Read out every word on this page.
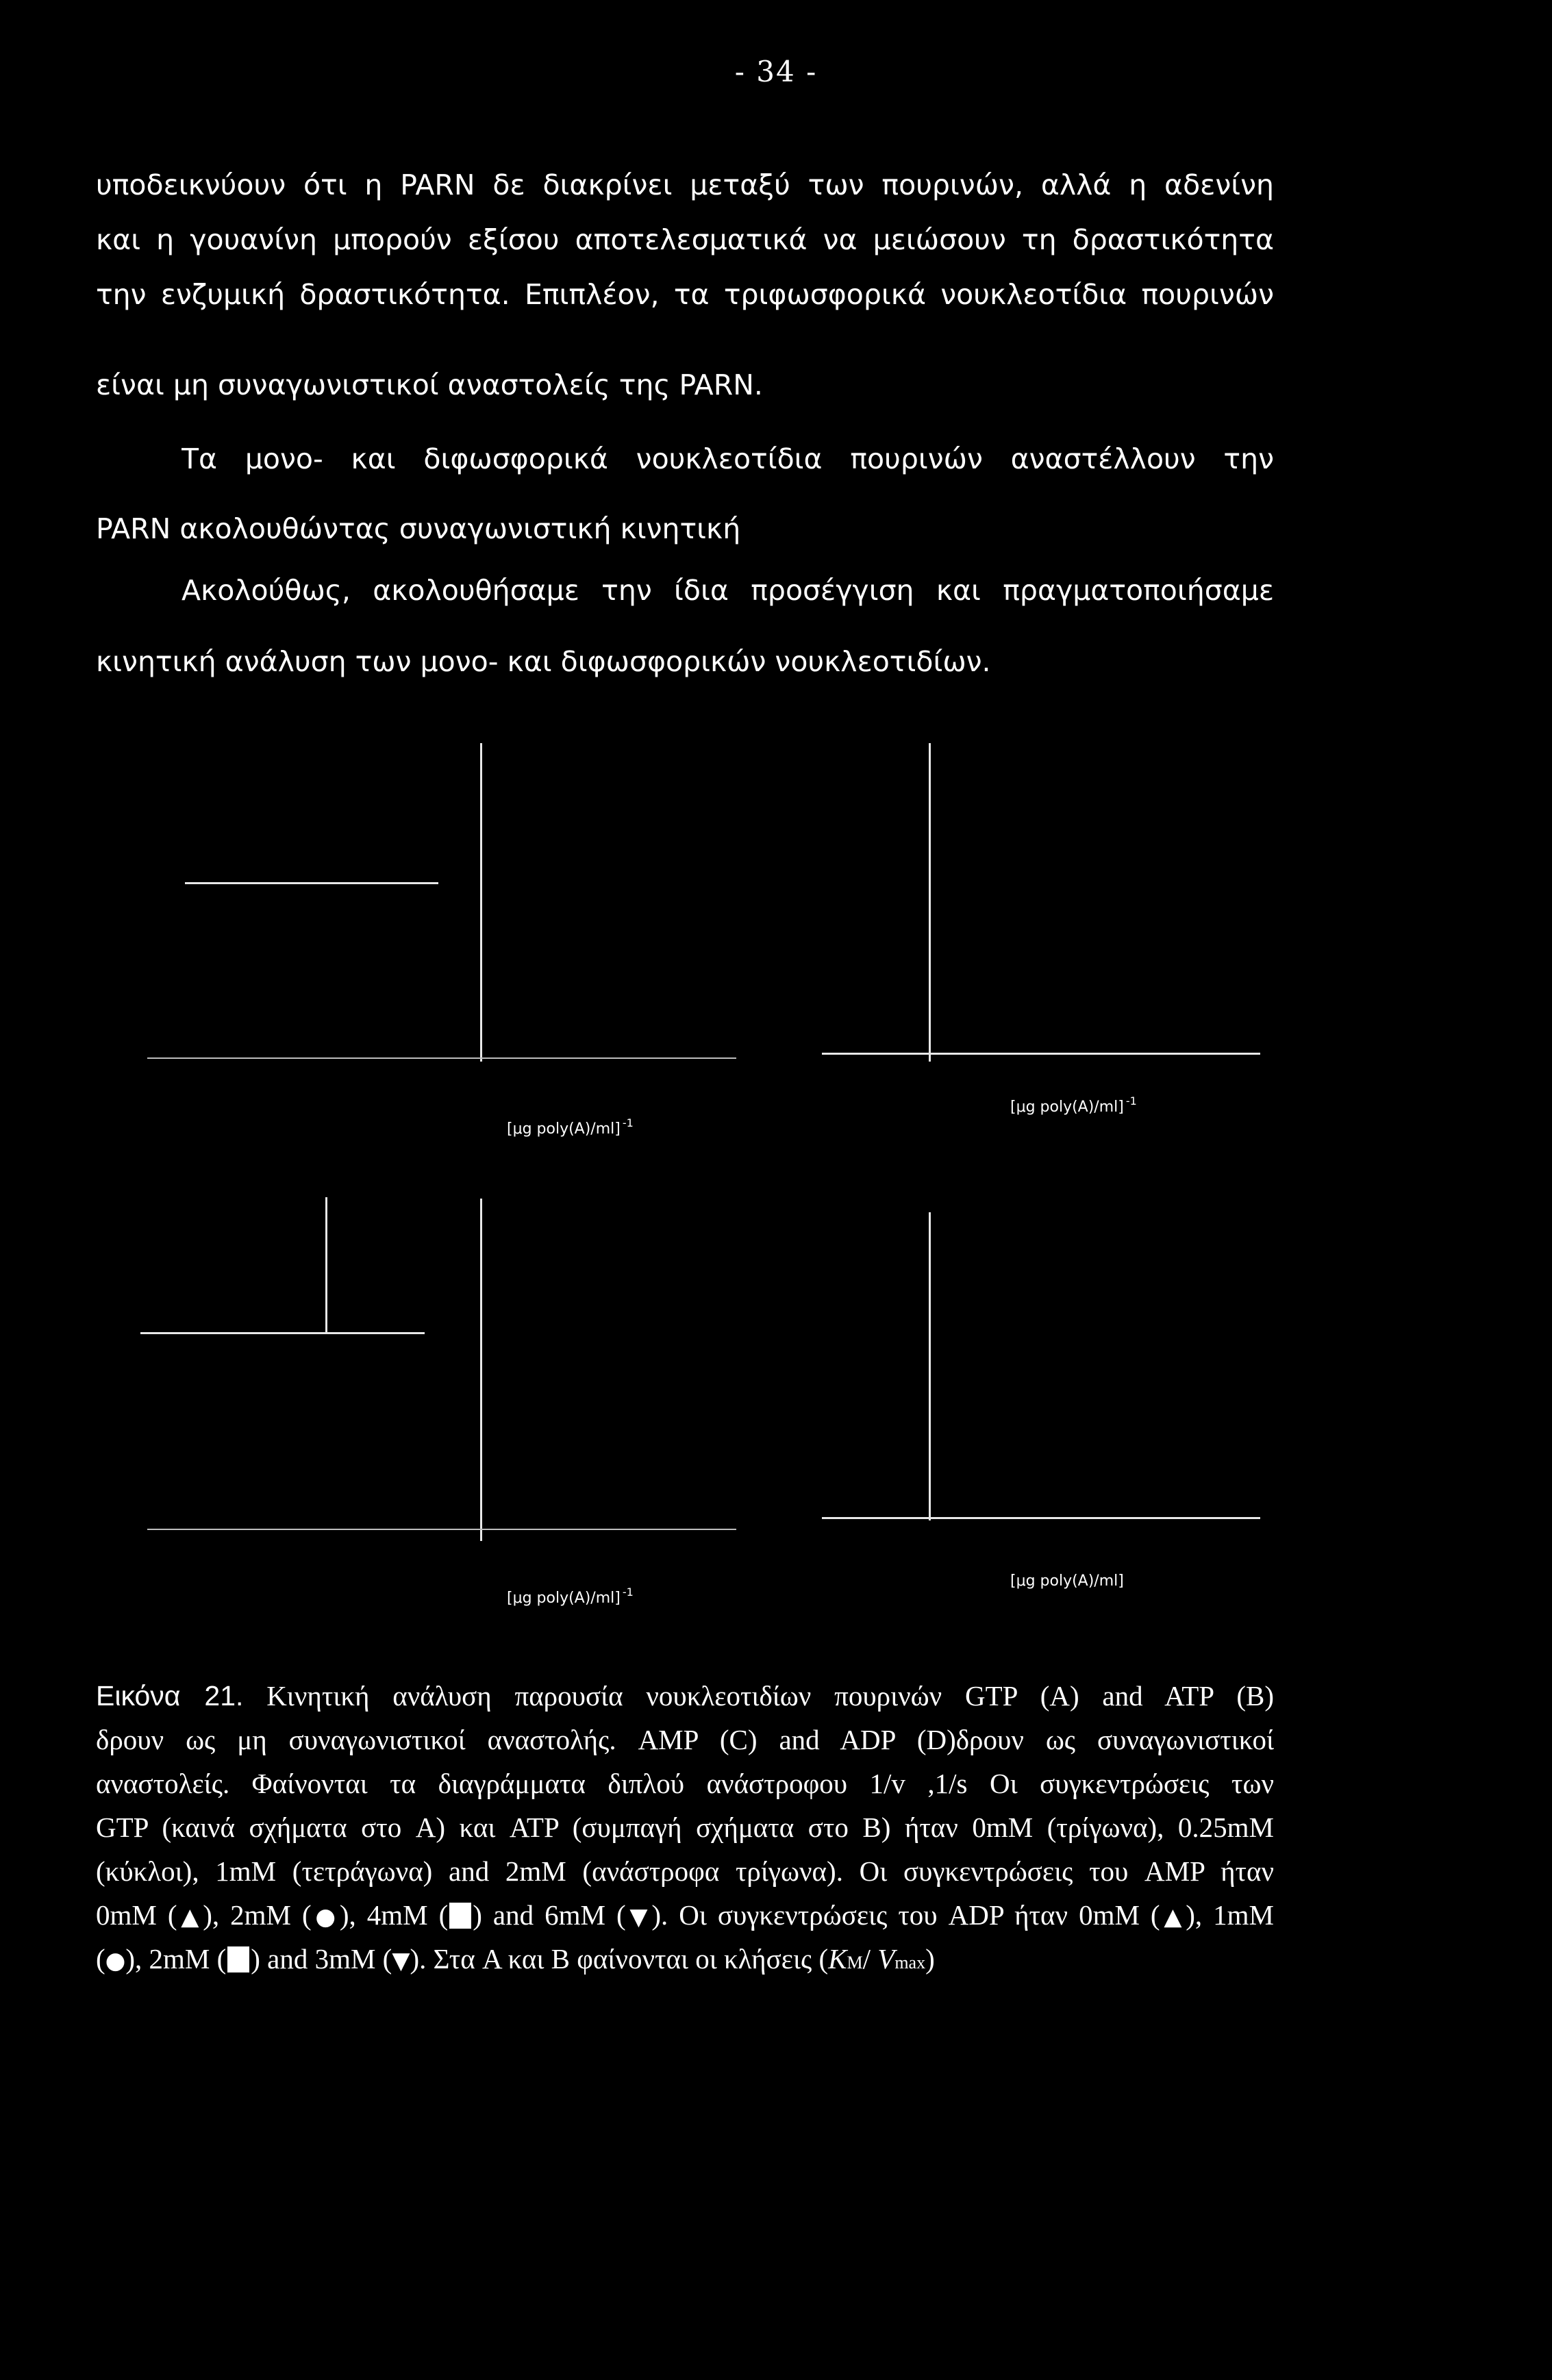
- 34 -
υποδεικνύουν ότι η PARN δε διακρίνει μεταξύ των πουρινών, αλλά η αδενίνη
και η γουανίνη μπορούν εξίσου αποτελεσματικά να μειώσουν τη δραστικότητα
την ενζυμική δραστικότητα. Επιπλέον, τα τριφωσφορικά νουκλεοτίδια πουρινών
είναι μη συναγωνιστικοί αναστολείς της PARN.
Τα μονο- και διφωσφορικά νουκλεοτίδια πουρινών αναστέλλουν την
PARN ακολουθώντας συναγωνιστική κινητική
Ακολούθως, ακολουθήσαμε την ίδια προσέγγιση και πραγματοποιήσαμε
κινητική ανάλυση των μονο- και διφωσφορικών νουκλεοτιδίων.
[μg poly(A)/ml] $^{-1}$
[μg poly(A)/ml] $^{-1}$
[μg poly(A)/ml] $^{-1}$
[μg poly(A)/ml]
Εικόνα 21. Κινητική ανάλυση παρουσία νουκλεοτιδίων πουρινών GTP (A) and ATP (B)
δρουν ως μη συναγωνιστικοί αναστολής. AMP (C) and ADP (D)δρουν ως συναγωνιστικοί
αναστολείς. Φαίνονται τα διαγράμματα διπλού ανάστροφου 1/v ,1/s Οι συγκεντρώσεις των
GTP (καινά σχήματα στο A) και ATP (συμπαγή σχήματα στο B) ήταν 0mM (τρίγωνα), 0.25mM
(κύκλοι), 1mM (τετράγωνα) and 2mM (ανάστροφα τρίγωνα). Οι συγκεντρώσεις του AMP ήταν
0mM (▲), 2mM (●), 4mM ( ) and 6mM (▼). Οι συγκεντρώσεις του ADP ήταν 0mM (▲), 1mM
(●), 2mM ( ) and 3mM (▼). Στα A και B φαίνονται οι κλήσεις (KM/ Vmax)
